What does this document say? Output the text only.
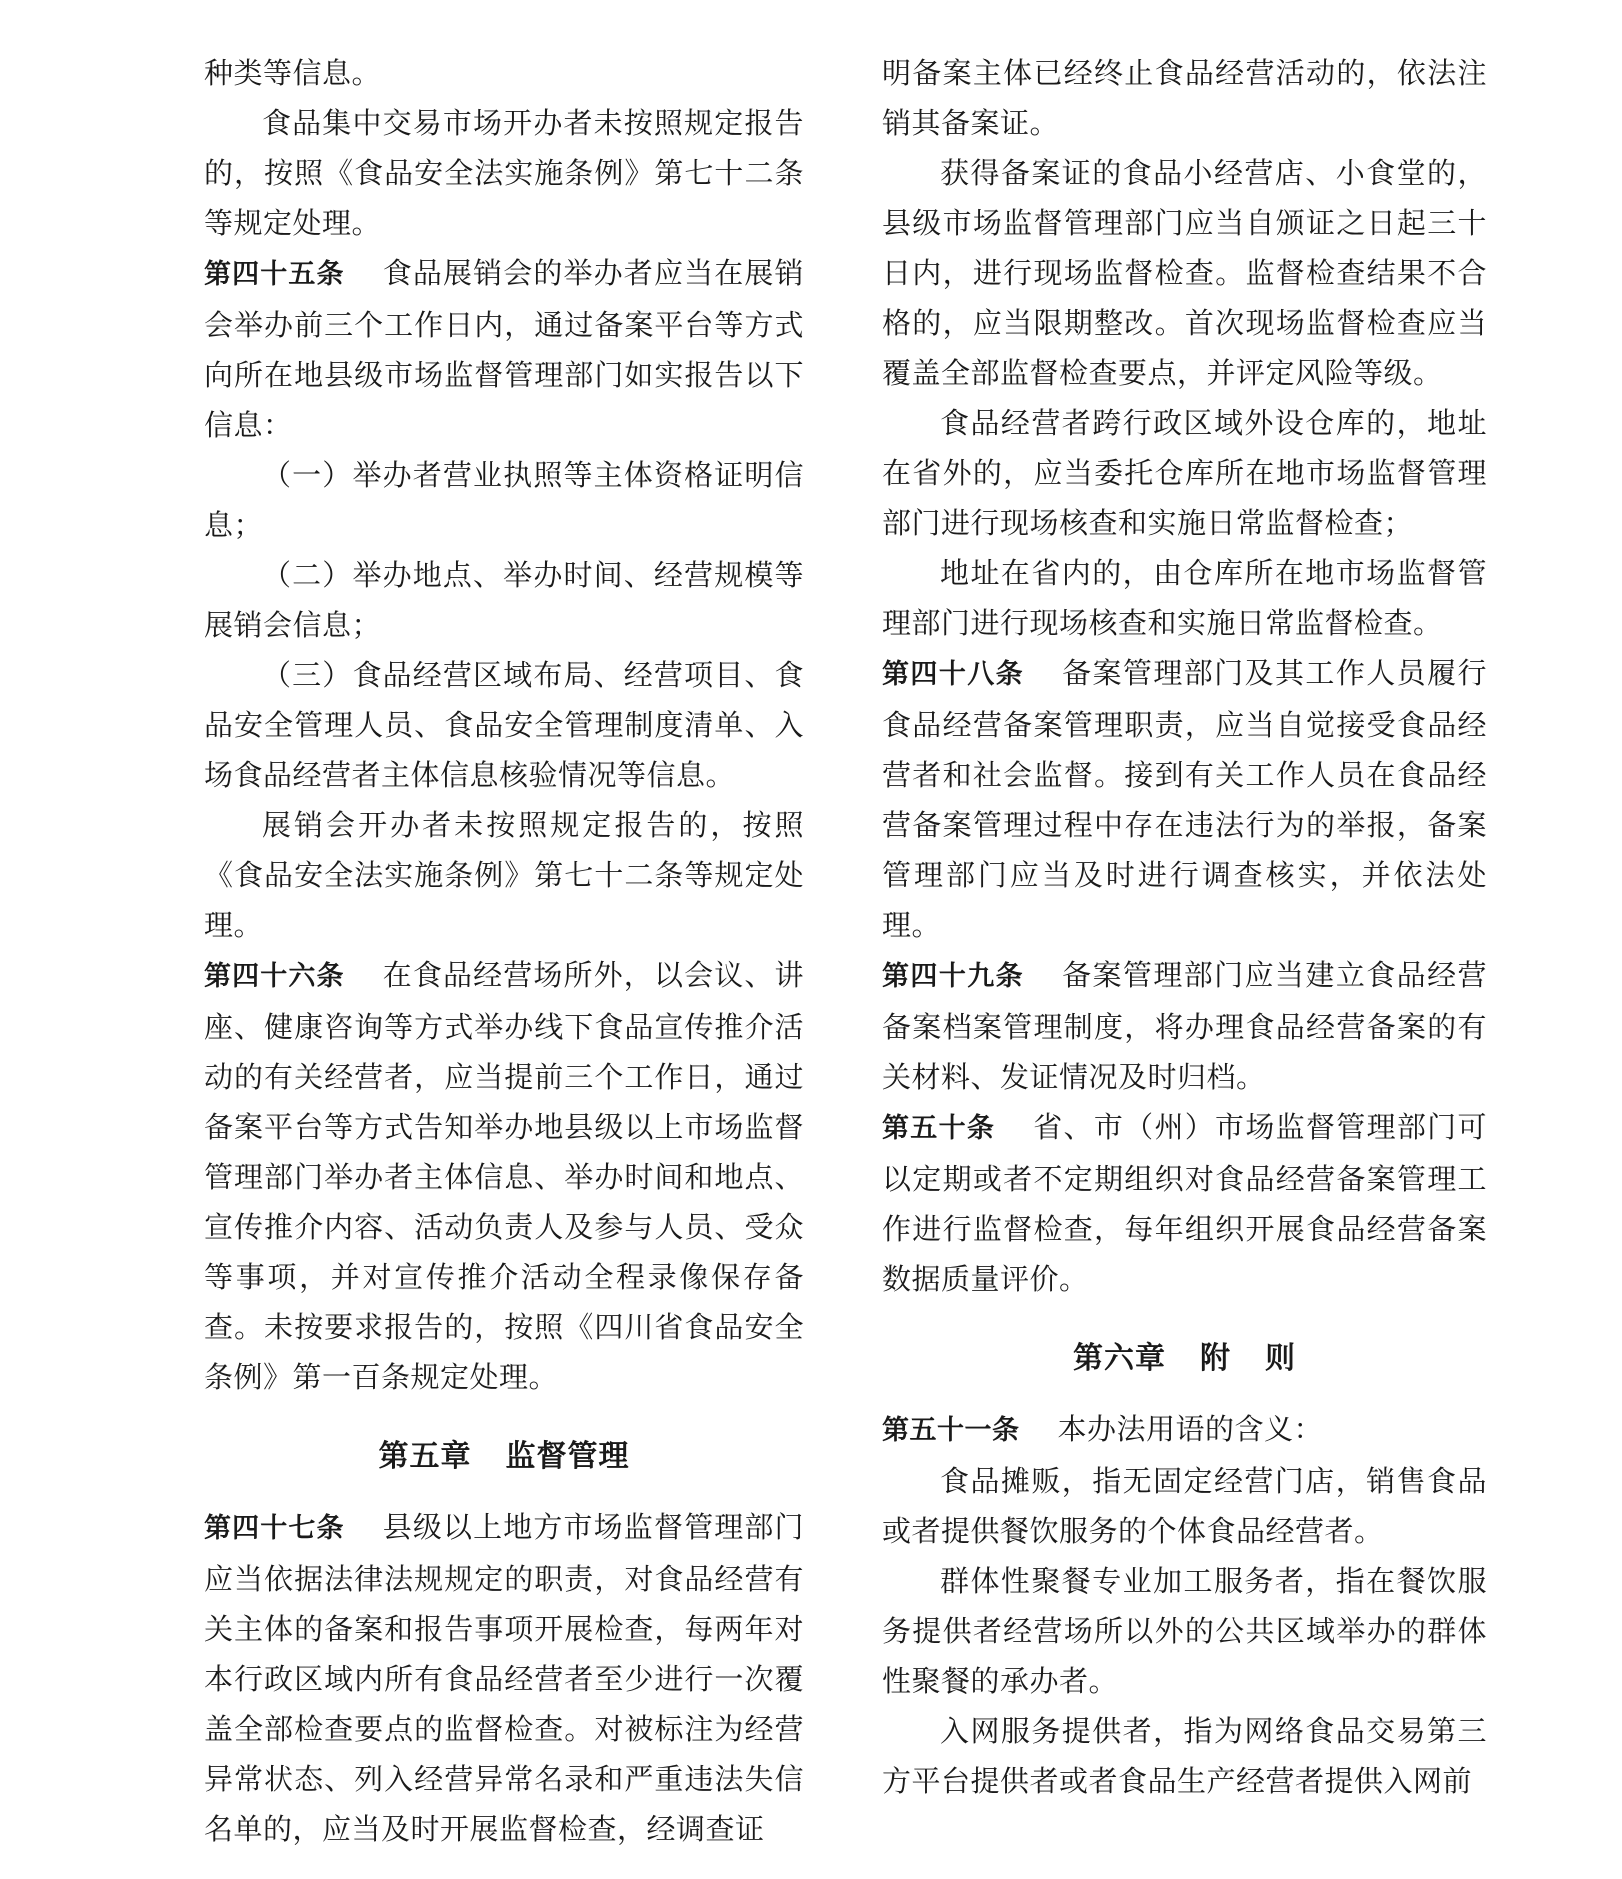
种类等信息。

食品集中交易市场开办者未按照规定报告的，按照《食品安全法实施条例》第七十二条等规定处理。

第四十五条 食品展销会的举办者应当在展销会举办前三个工作日内，通过备案平台等方式向所在地县级市场监督管理部门如实报告以下信息：

（一）举办者营业执照等主体资格证明信息；

（二）举办地点、举办时间、经营规模等展销会信息；

（三）食品经营区域布局、经营项目、食品安全管理人员、食品安全管理制度清单、入场食品经营者主体信息核验情况等信息。

展销会开办者未按照规定报告的，按照《食品安全法实施条例》第七十二条等规定处理。

第四十六条 在食品经营场所外，以会议、讲座、健康咨询等方式举办线下食品宣传推介活动的有关经营者，应当提前三个工作日，通过备案平台等方式告知举办地县级以上市场监督管理部门举办者主体信息、举办时间和地点、宣传推介内容、活动负责人及参与人员、受众等事项，并对宣传推介活动全程录像保存备查。未按要求报告的，按照《四川省食品安全条例》第一百条规定处理。

第五章 监督管理

第四十七条 县级以上地方市场监督管理部门应当依据法律法规规定的职责，对食品经营有关主体的备案和报告事项开展检查，每两年对本行政区域内所有食品经营者至少进行一次覆盖全部检查要点的监督检查。对被标注为经营异常状态、列入经营异常名录和严重违法失信名单的，应当及时开展监督检查，经调查证

明备案主体已经终止食品经营活动的，依法注销其备案证。

获得备案证的食品小经营店、小食堂的，县级市场监督管理部门应当自颁证之日起三十日内，进行现场监督检查。监督检查结果不合格的，应当限期整改。首次现场监督检查应当覆盖全部监督检查要点，并评定风险等级。

食品经营者跨行政区域外设仓库的，地址在省外的，应当委托仓库所在地市场监督管理部门进行现场核查和实施日常监督检查；

地址在省内的，由仓库所在地市场监督管理部门进行现场核查和实施日常监督检查。

第四十八条 备案管理部门及其工作人员履行食品经营备案管理职责，应当自觉接受食品经营者和社会监督。接到有关工作人员在食品经营备案管理过程中存在违法行为的举报，备案管理部门应当及时进行调查核实，并依法处理。

第四十九条 备案管理部门应当建立食品经营备案档案管理制度，将办理食品经营备案的有关材料、发证情况及时归档。

第五十条 省、市（州）市场监督管理部门可以定期或者不定期组织对食品经营备案管理工作进行监督检查，每年组织开展食品经营备案数据质量评价。

第六章 附 则

第五十一条 本办法用语的含义：

食品摊贩，指无固定经营门店，销售食品或者提供餐饮服务的个体食品经营者。

群体性聚餐专业加工服务者，指在餐饮服务提供者经营场所以外的公共区域举办的群体性聚餐的承办者。

入网服务提供者，指为网络食品交易第三方平台提供者或者食品生产经营者提供入网前
